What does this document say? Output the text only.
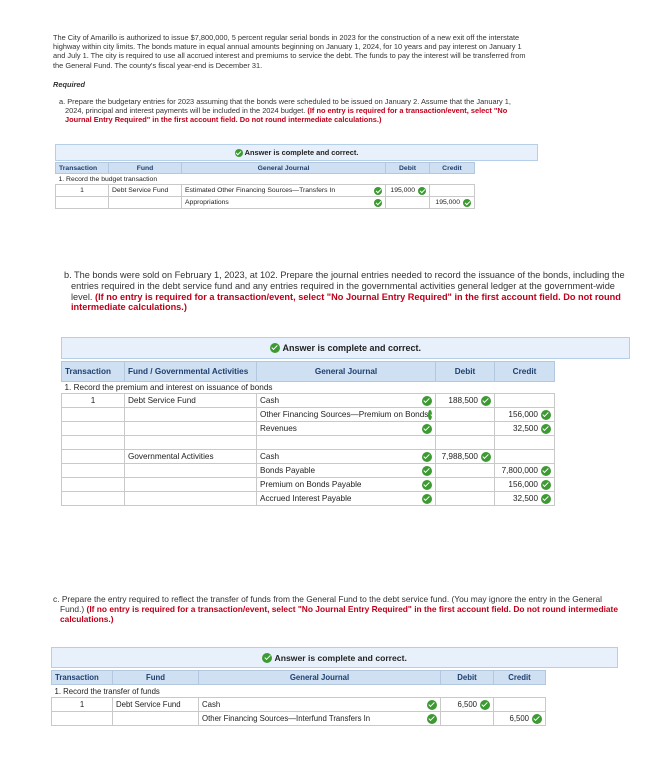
The City of Amarillo is authorized to issue $7,800,000, 5 percent regular serial bonds in 2023 for the construction of a new exit off the interstate highway within city limits. The bonds mature in equal annual amounts beginning on January 1, 2024, for 10 years and pay interest on January 1 and July 1. The city is required to use all accrued interest and premiums to service the debt. The funds to pay the interest will be transferred from the General Fund. The county's fiscal year-end is December 31.
Required
a. Prepare the budgetary entries for 2023 assuming that the bonds were scheduled to be issued on January 2. Assume that the January 1, 2024, principal and interest payments will be included in the 2024 budget. (If no entry is required for a transaction/event, select "No Journal Entry Required" in the first account field. Do not round intermediate calculations.)

Answer is complete and correct.
Transaction	Fund	General Journal	Debit	Credit
1. Record the budget transaction				
1	Debt Service Fund	Estimated Other Financing Sources—Transfers In	195,000	

		Appropriations		195,000
b. The bonds were sold on February 1, 2023, at 102. Prepare the journal entries needed to record the issuance of the bonds, including the entries required in the debt service fund and any entries required in the governmental activities general ledger at the government-wide level. (If no entry is required for a transaction/event, select "No Journal Entry Required" in the first account field. Do not round intermediate calculations.)

Answer is complete and correct.
Transaction	Fund / Governmental Activities	General Journal	Debit	Credit
1. Record the premium and interest on issuance of bonds				
1	Debt Service Fund	Cash	188,500	

		Other Financing Sources—Premium on Bonds		156,000

		Revenues		32,500

	Governmental Activities	Cash	7,988,500	

		Bonds Payable		7,800,000

		Premium on Bonds Payable		156,000

		Accrued Interest Payable		32,500
c. Prepare the entry required to reflect the transfer of funds from the General Fund to the debt service fund. (You may ignore the entry in the General Fund.) (If no entry is required for a transaction/event, select "No Journal Entry Required" in the first account field. Do not round intermediate calculations.)

Answer is complete and correct.
Transaction	Fund	General Journal	Debit	Credit
1. Record the transfer of funds				
1	Debt Service Fund	Cash	6,500	

		Other Financing Sources—Interfund Transfers In		6,500
